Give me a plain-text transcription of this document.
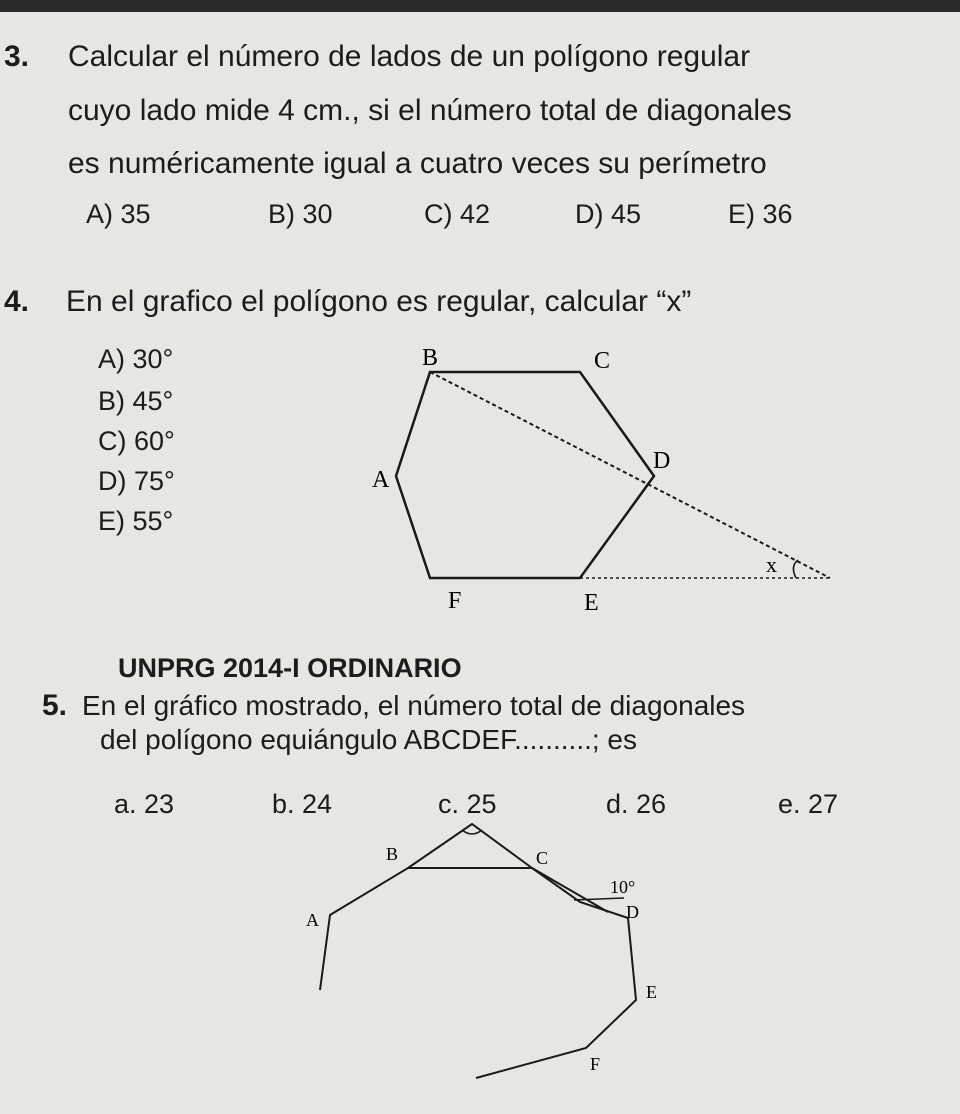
3. Calcular el número de lados de un polígono regular
cuyo lado mide 4 cm., si el número total de diagonales
es numéricamente igual a cuatro veces su perímetro
A) 35	B) 30	C) 42	D) 45	E) 36
4. En el grafico el polígono es regular, calcular “x”
A) 30°
B) 45°
C) 60°
D) 75°
E) 55°
B	C
D
A
F	E
x
UNPRG 2014-I ORDINARIO
5. En el gráfico mostrado, el número total de diagonales
del polígono equiángulo ABCDEF..........; es
a. 23	b. 24	c. 25	d. 26	e. 27
B	C
10°
D
A
E
F
